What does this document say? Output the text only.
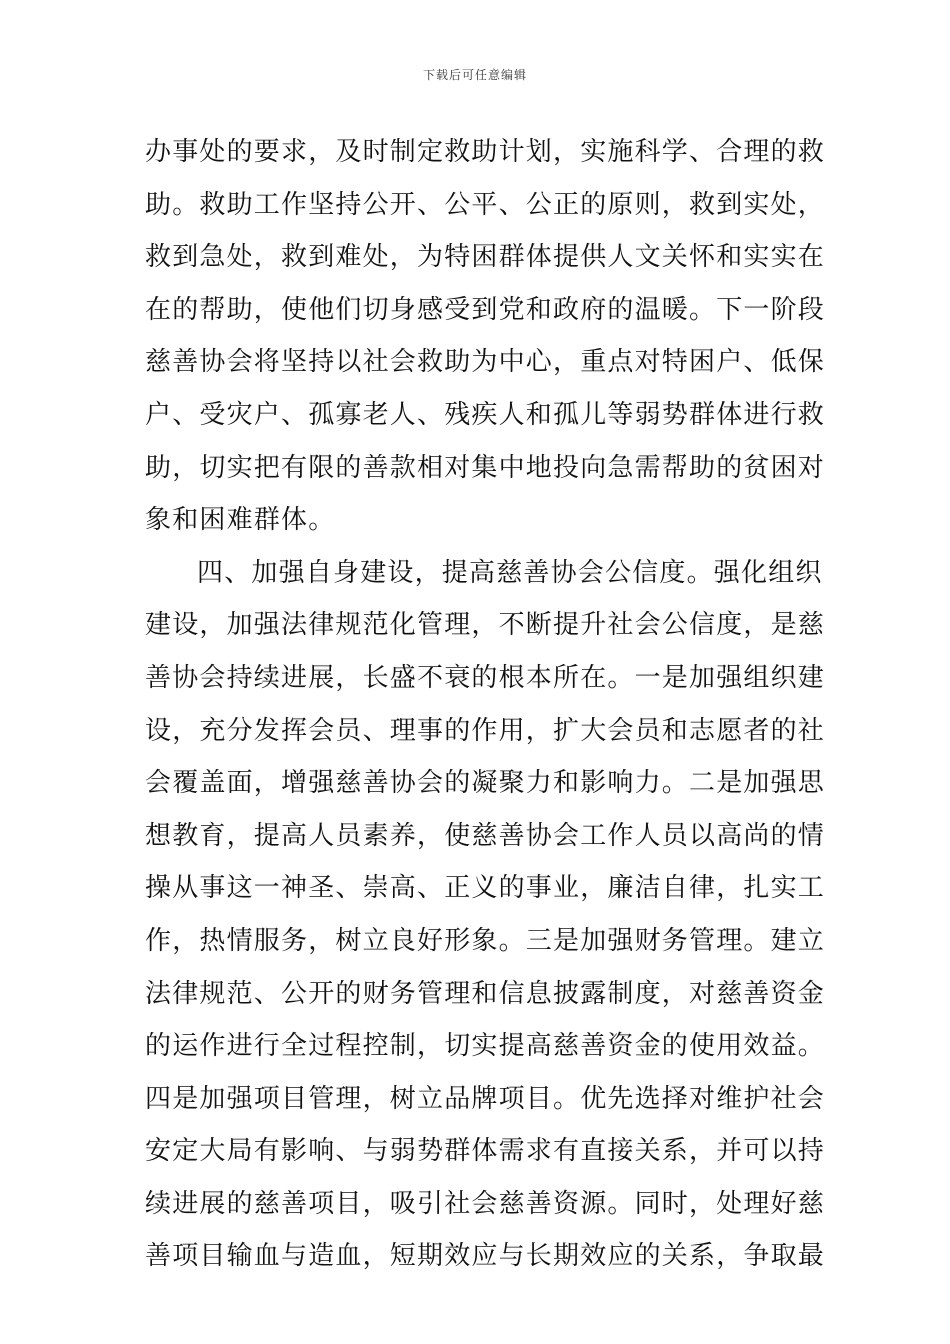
下载后可任意编辑
办事处的要求，及时制定救助计划，实施科学、合理的救
助。救助工作坚持公开、公平、公正的原则，救到实处，
救到急处，救到难处，为特困群体提供人文关怀和实实在
在的帮助，使他们切身感受到党和政府的温暖。下一阶段
慈善协会将坚持以社会救助为中心，重点对特困户、低保
户、受灾户、孤寡老人、残疾人和孤儿等弱势群体进行救
助，切实把有限的善款相对集中地投向急需帮助的贫困对
象和困难群体。
四、加强自身建设，提高慈善协会公信度。强化组织
建设，加强法律规范化管理，不断提升社会公信度，是慈
善协会持续进展，长盛不衰的根本所在。一是加强组织建
设，充分发挥会员、理事的作用，扩大会员和志愿者的社
会覆盖面，增强慈善协会的凝聚力和影响力。二是加强思
想教育，提高人员素养，使慈善协会工作人员以高尚的情
操从事这一神圣、崇高、正义的事业，廉洁自律，扎实工
作，热情服务，树立良好形象。三是加强财务管理。建立
法律规范、公开的财务管理和信息披露制度，对慈善资金
的运作进行全过程控制，切实提高慈善资金的使用效益。
四是加强项目管理，树立品牌项目。优先选择对维护社会
安定大局有影响、与弱势群体需求有直接关系，并可以持
续进展的慈善项目，吸引社会慈善资源。同时，处理好慈
善项目输血与造血，短期效应与长期效应的关系，争取最
